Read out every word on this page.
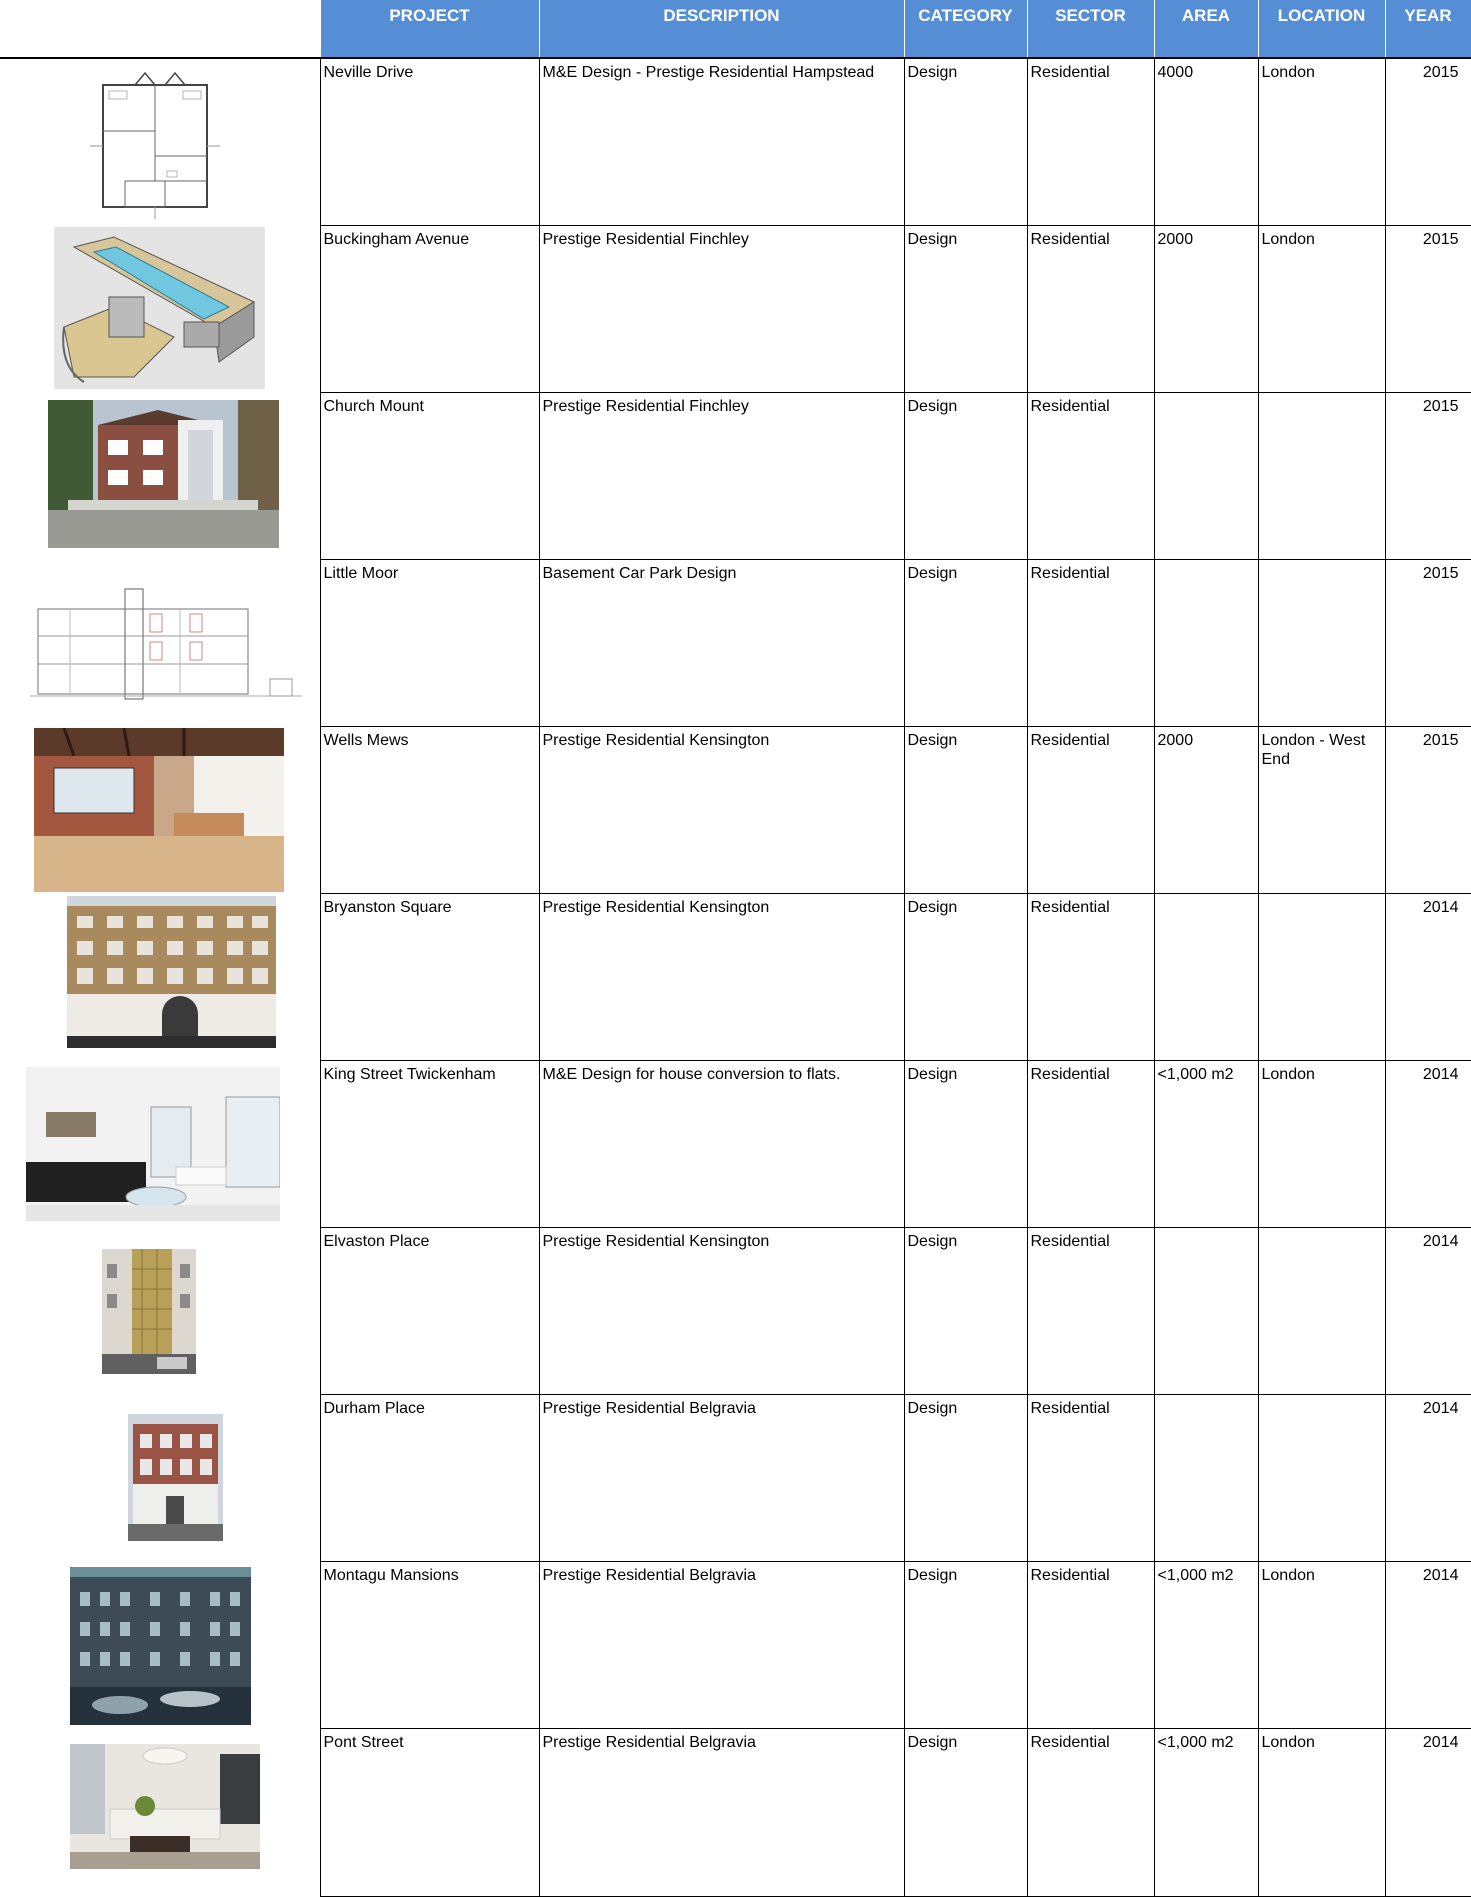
	PROJECT	DESCRIPTION	CATEGORY	SECTOR	AREA	LOCATION	YEAR

	Neville Drive	M&E Design - Prestige Residential Hampstead	Design	Residential	4000	London	2015

	Buckingham Avenue	Prestige Residential Finchley	Design	Residential	2000	London	2015

	Church Mount	Prestige Residential Finchley	Design	Residential			2015

	Little Moor	Basement Car Park Design	Design	Residential			2015

	Wells Mews	Prestige Residential Kensington	Design	Residential	2000	London - West End	2015

	Bryanston Square	Prestige Residential Kensington	Design	Residential			2014

	King Street Twickenham	M&E Design for house conversion to flats.	Design	Residential	<1,000 m2	London	2014

	Elvaston Place	Prestige Residential Kensington	Design	Residential			2014

	Durham Place	Prestige Residential Belgravia	Design	Residential			2014

	Montagu Mansions	Prestige Residential Belgravia	Design	Residential	<1,000 m2	London	2014

	Pont Street	Prestige Residential Belgravia	Design	Residential	<1,000 m2	London	2014
